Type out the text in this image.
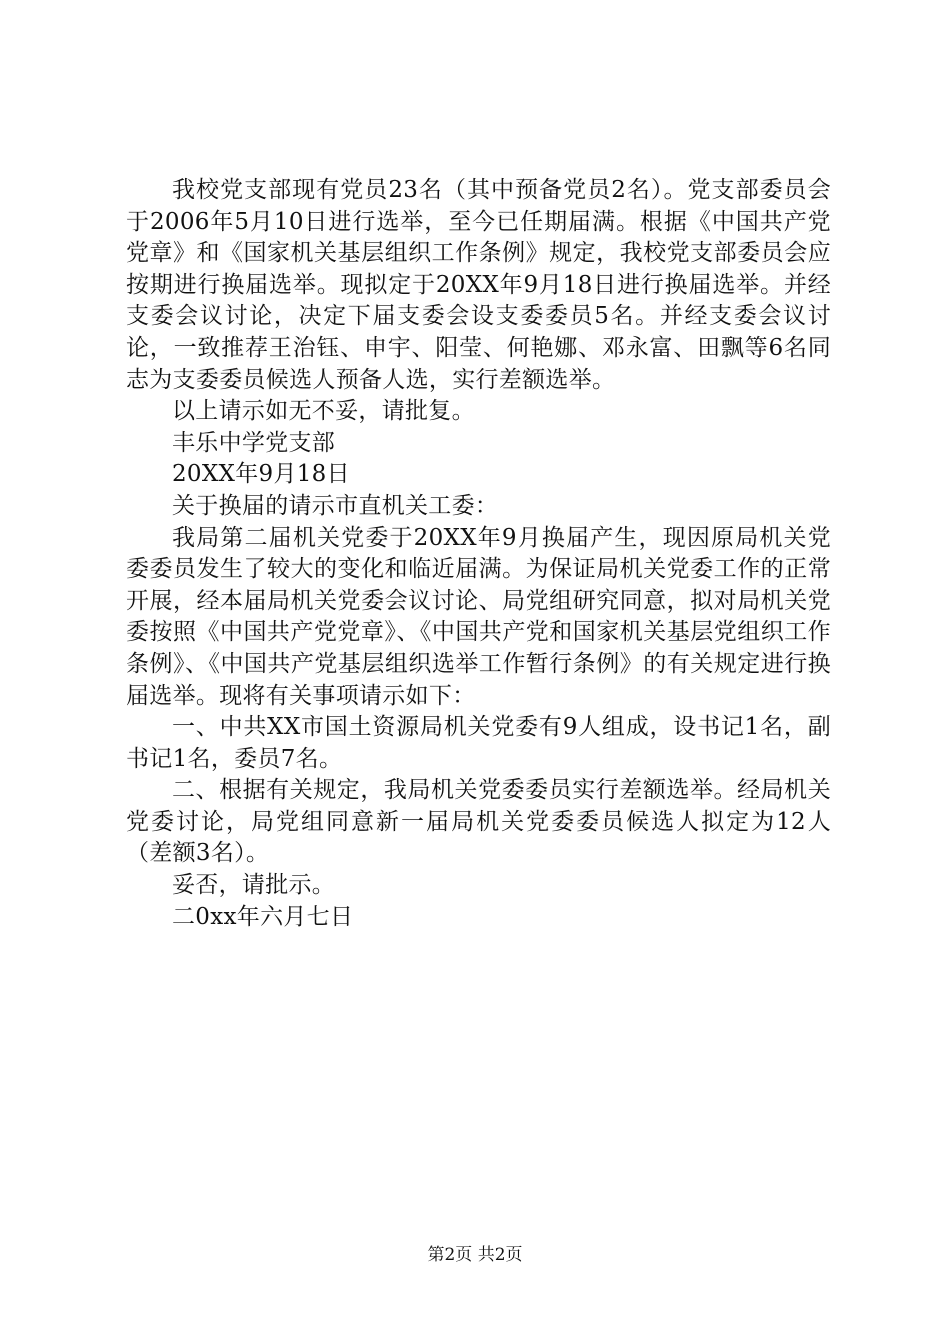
我校党支部现有党员23名（其中预备党员2名）。党支部委员会于2006年5月10日进行选举，至今已任期届满。根据《中国共产党党章》和《国家机关基层组织工作条例》规定，我校党支部委员会应按期进行换届选举。现拟定于20XX年9月18日进行换届选举。并经支委会议讨论，决定下届支委会设支委委员5名。并经支委会议讨论，一致推荐王治钰、申宇、阳莹、何艳娜、邓永富、田飘等6名同志为支委委员候选人预备人选，实行差额选举。

以上请示如无不妥，请批复。

丰乐中学党支部

20XX年9月18日

关于换届的请示市直机关工委：

我局第二届机关党委于20XX年9月换届产生，现因原局机关党委委员发生了较大的变化和临近届满。为保证局机关党委工作的正常开展，经本届局机关党委会议讨论、局党组研究同意，拟对局机关党委按照《中国共产党党章》、《中国共产党和国家机关基层党组织工作条例》、《中国共产党基层组织选举工作暂行条例》的有关规定进行换届选举。现将有关事项请示如下：

一、中共XX市国土资源局机关党委有9人组成，设书记1名，副书记1名，委员7名。

二、根据有关规定，我局机关党委委员实行差额选举。经局机关党委讨论，局党组同意新一届局机关党委委员候选人拟定为12人（差额3名）。

妥否，请批示。

二0xx年六月七日

第2页 共2页
